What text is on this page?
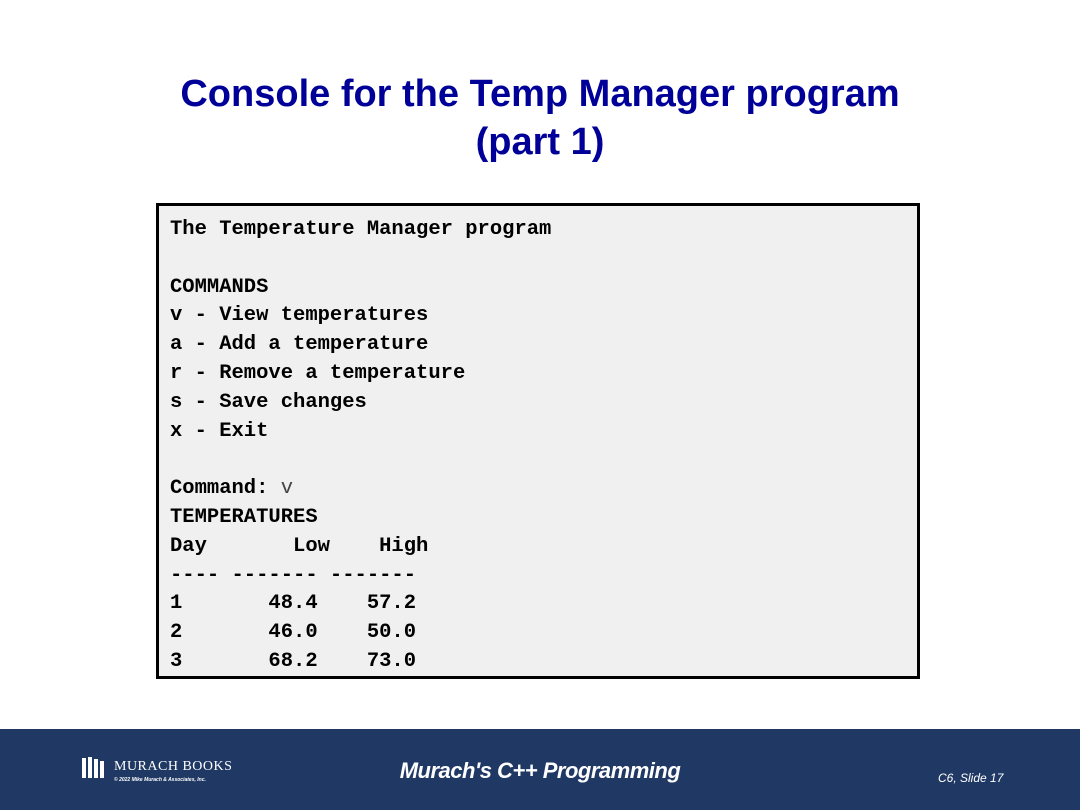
Console for the Temp Manager program
(part 1)
The Temperature Manager program
COMMANDS
v - View temperatures
a - Add a temperature
r - Remove a temperature
s - Save changes
x - Exit
Command: v
TEMPERATURES
Day       Low    High
---- ------- -------
1       48.4    57.2
2       46.0    50.0
3       68.2    73.0
MURACH BOOKS
© 2022 Mike Murach & Associates, Inc.	Murach's C++ Programming	C6, Slide 17
